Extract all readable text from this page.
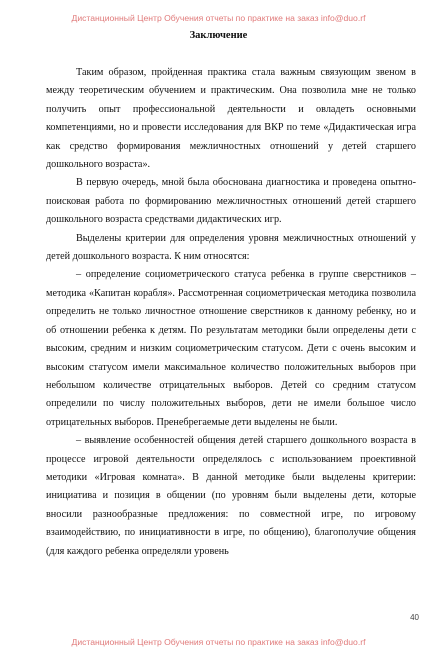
Дистанционный Центр Обучения отчеты по практике на заказ info@duo.rf
Заключение

Таким образом, пройденная практика стала важным связующим звеном в между теоретическим обучением и практическим. Она позволила мне не только получить опыт профессиональной деятельности и овладеть основными компетенциями, но и провести исследования для ВКР по теме «Дидактическая игра как средство формирования межличностных отношений у детей старшего дошкольного возраста».

В первую очередь, мной была обоснована диагностика и проведена опытно-поисковая работа по формированию межличностных отношений детей старшего дошкольного возраста средствами дидактических игр.

Выделены критерии для определения уровня межличностных отношений у детей дошкольного возраста. К ним относятся:

– определение социометрического статуса ребенка в группе сверстников – методика «Капитан корабля». Рассмотренная социометрическая методика позволила определить не только личностное отношение сверстников к данному ребенку, но и об отношении ребенка к детям. По результатам методики были определены дети с высоким, средним и низким социометрическим статусом. Дети с очень высоким и высоким статусом имели максимальное количество положительных выборов при небольшом количестве отрицательных выборов. Детей со средним статусом определили по числу положительных выборов, дети не имели большое число отрицательных выборов. Пренебрегаемые дети выделены не были.

– выявление особенностей общения детей старшего дошкольного возраста в процессе игровой деятельности определялось с использованием проективной методики «Игровая комната». В данной методике были выделены критерии: инициатива и позиция в общении (по уровням были выделены дети, которые вносили разнообразные предложения: по совместной игре, по игровому взаимодействию, по инициативности в игре, по общению), благополучие общения (для каждого ребенка определяли уровень

40
Дистанционный Центр Обучения отчеты по практике на заказ info@duo.rf
